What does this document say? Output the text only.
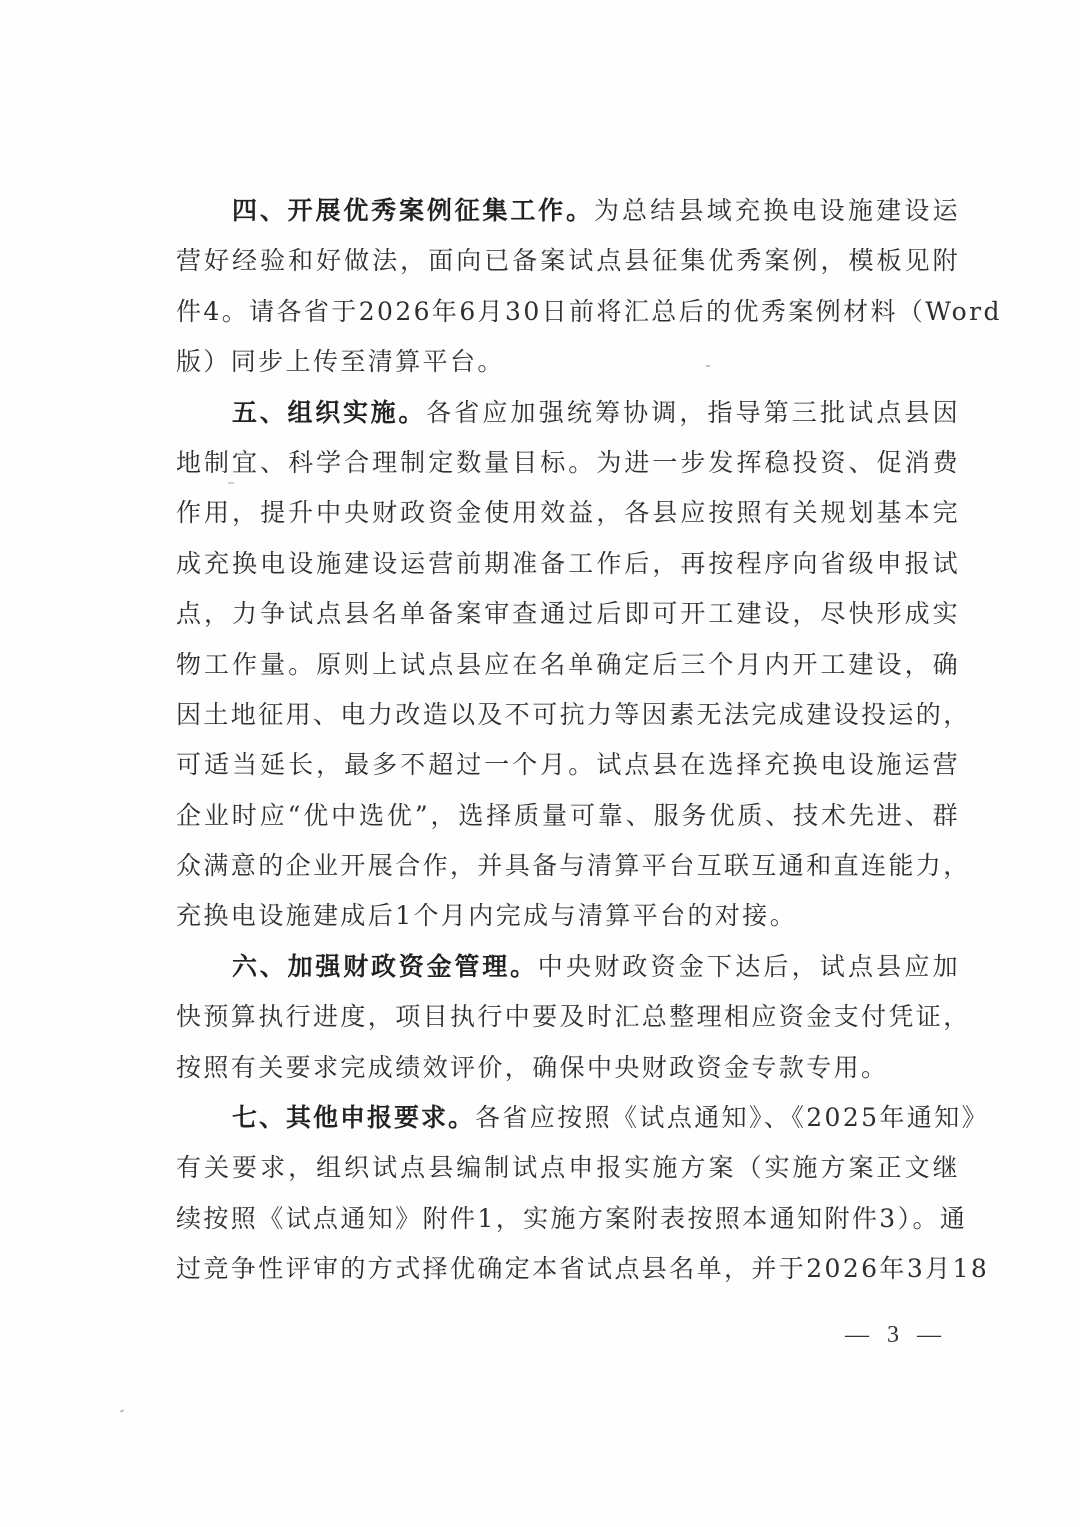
四、开展优秀案例征集工作。为总结县域充换电设施建设运
营好经验和好做法，面向已备案试点县征集优秀案例，模板见附
件4。请各省于2026年6月30日前将汇总后的优秀案例材料（Word
版）同步上传至清算平台。
五、组织实施。各省应加强统筹协调，指导第三批试点县因
地制宜、科学合理制定数量目标。为进一步发挥稳投资、促消费
作用，提升中央财政资金使用效益，各县应按照有关规划基本完
成充换电设施建设运营前期准备工作后，再按程序向省级申报试
点，力争试点县名单备案审查通过后即可开工建设，尽快形成实
物工作量。原则上试点县应在名单确定后三个月内开工建设，确
因土地征用、电力改造以及不可抗力等因素无法完成建设投运的，
可适当延长，最多不超过一个月。试点县在选择充换电设施运营
企业时应“优中选优”，选择质量可靠、服务优质、技术先进、群
众满意的企业开展合作，并具备与清算平台互联互通和直连能力，
充换电设施建成后1个月内完成与清算平台的对接。
六、加强财政资金管理。中央财政资金下达后，试点县应加
快预算执行进度，项目执行中要及时汇总整理相应资金支付凭证，
按照有关要求完成绩效评价，确保中央财政资金专款专用。
七、其他申报要求。各省应按照《试点通知》、《2025年通知》
有关要求，组织试点县编制试点申报实施方案（实施方案正文继
续按照《试点通知》附件1，实施方案附表按照本通知附件3）。通
过竞争性评审的方式择优确定本省试点县名单，并于2026年3月18
— 3 —
